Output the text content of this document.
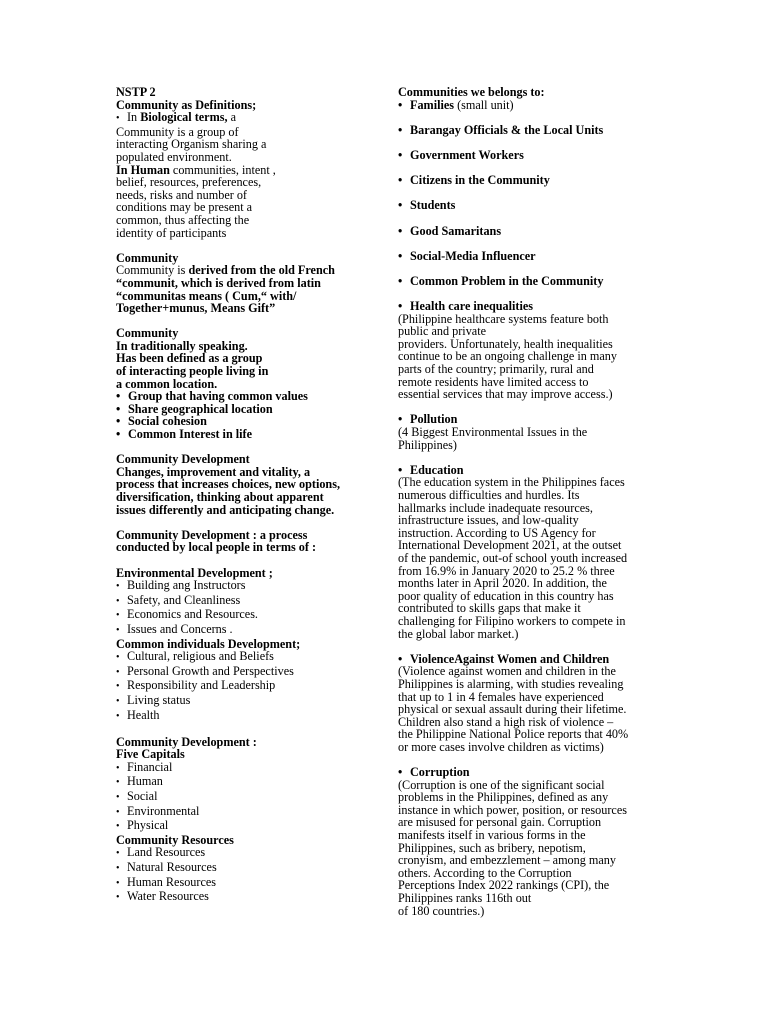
NSTP 2
Community as Definitions;
• In Biological terms, a
Community is a group of
interacting Organism sharing a
populated environment.
In Human communities, intent ,
belief, resources, preferences,
needs, risks and number of
conditions may be present a
common, thus affecting the
identity of participants
Community
Community is derived from the old French
“communit, which is derived from latin
“communitas means ( Cum,“ with/
Together+munus, Means Gift”
Community
In traditionally speaking.
Has been defined as a group
of interacting people living in
a common location.
• Group that having common values
• Share geographical location
• Social cohesion
• Common Interest in life
Community Development
Changes, improvement and vitality, a
process that increases choices, new options,
diversification, thinking about apparent
issues differently and anticipating change.
Community Development : a process
conducted by local people in terms of :
Environmental Development ;
• Building ang Instructors
• Safety, and Cleanliness
• Economics and Resources.
• Issues and Concerns .
Common individuals Development;
• Cultural, religious and Beliefs
• Personal Growth and Perspectives
• Responsibility and Leadership
• Living status
• Health
Community Development :
Five Capitals
• Financial
• Human
• Social
• Environmental
• Physical
Community Resources
• Land Resources
• Natural Resources
• Human Resources
• Water Resources
Communities we belongs to:
• Families (small unit)
• Barangay Officials & the Local Units
• Government Workers
• Citizens in the Community
• Students
• Good Samaritans
• Social-Media Influencer
• Common Problem in the Community
• Health care inequalities
(Philippine healthcare systems feature both
public and private
providers. Unfortunately, health inequalities
continue to be an ongoing challenge in many
parts of the country; primarily, rural and
remote residents have limited access to
essential services that may improve access.)
• Pollution
(4 Biggest Environmental Issues in the
Philippines)
• Education
(The education system in the Philippines faces
numerous difficulties and hurdles. Its
hallmarks include inadequate resources,
infrastructure issues, and low-quality
instruction. According to US Agency for
International Development 2021, at the outset
of the pandemic, out-of school youth increased
from 16.9% in January 2020 to 25.2 % three
months later in April 2020. In addition, the
poor quality of education in this country has
contributed to skills gaps that make it
challenging for Filipino workers to compete in
the global labor market.)
• ViolenceAgainst Women and Children
(Violence against women and children in the
Philippines is alarming, with studies revealing
that up to 1 in 4 females have experienced
physical or sexual assault during their lifetime.
Children also stand a high risk of violence –
the Philippine National Police reports that 40%
or more cases involve children as victims)
• Corruption
(Corruption is one of the significant social
problems in the Philippines, defined as any
instance in which power, position, or resources
are misused for personal gain. Corruption
manifests itself in various forms in the
Philippines, such as bribery, nepotism,
cronyism, and embezzlement – among many
others. According to the Corruption
Perceptions Index 2022 rankings (CPI), the
Philippines ranks 116th out
of 180 countries.)
